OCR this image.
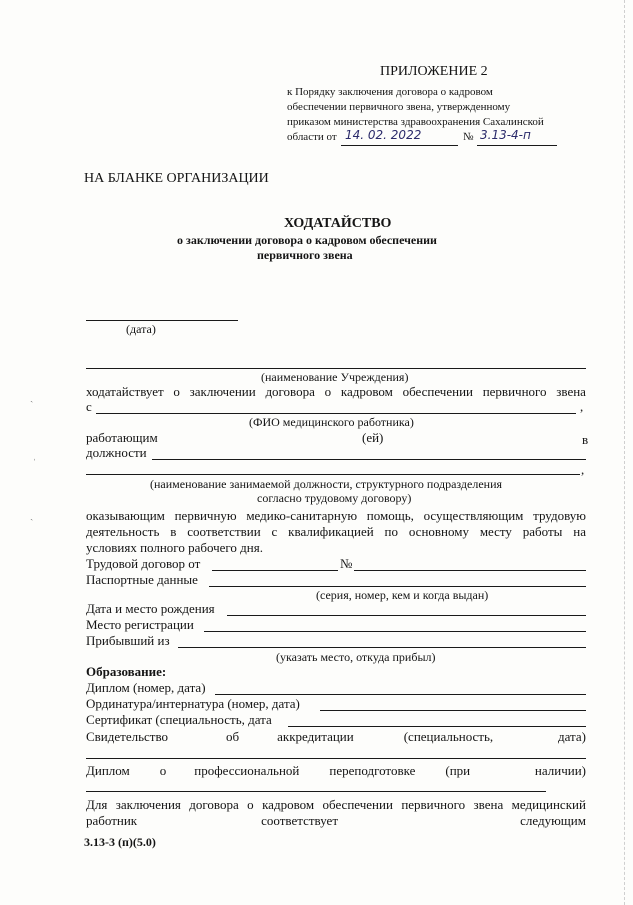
ˎ
ˌ
ˏ
ПРИЛОЖЕНИЕ 2
к Порядку заключения договора о кадровом
обеспечении первичного звена, утвержденному
приказом министерства здравоохранения Сахалинской
области от 14. 02. 2022	№ 3.13-4-п
НА БЛАНКЕ ОРГАНИЗАЦИИ
ХОДАТАЙСТВО
о заключении договора о кадровом обеспечении
первичного звена
(дата)
(наименование Учреждения)
ходатайствует о заключении договора о кадровом обеспечении первичного звена
с	,
(ФИО медицинского работника)
работающим	(ей)	в
должности
,
(наименование занимаемой должности, структурного подразделения
согласно трудовому договору)
оказывающим первичную медико-санитарную помощь, осуществляющим трудовую
деятельность в соответствии с квалификацией по основному месту работы на
условиях полного рабочего дня.
Трудовой договор от	№
Паспортные данные
(серия, номер, кем и когда выдан)
Дата и место рождения
Место регистрации
Прибывший из
(указать место, откуда прибыл)
Образование:
Диплом (номер, дата)
Ординатура/интернатура (номер, дата)
Сертификат (специальность, дата
Свидетельство	об	аккредитации	(специальность,	дата)
Диплом о профессиональной переподготовке (при	наличии)
Для заключения договора о кадровом обеспечении первичного звена медицинский
работник	соответствует	следующим
3.13-3 (п)(5.0)
